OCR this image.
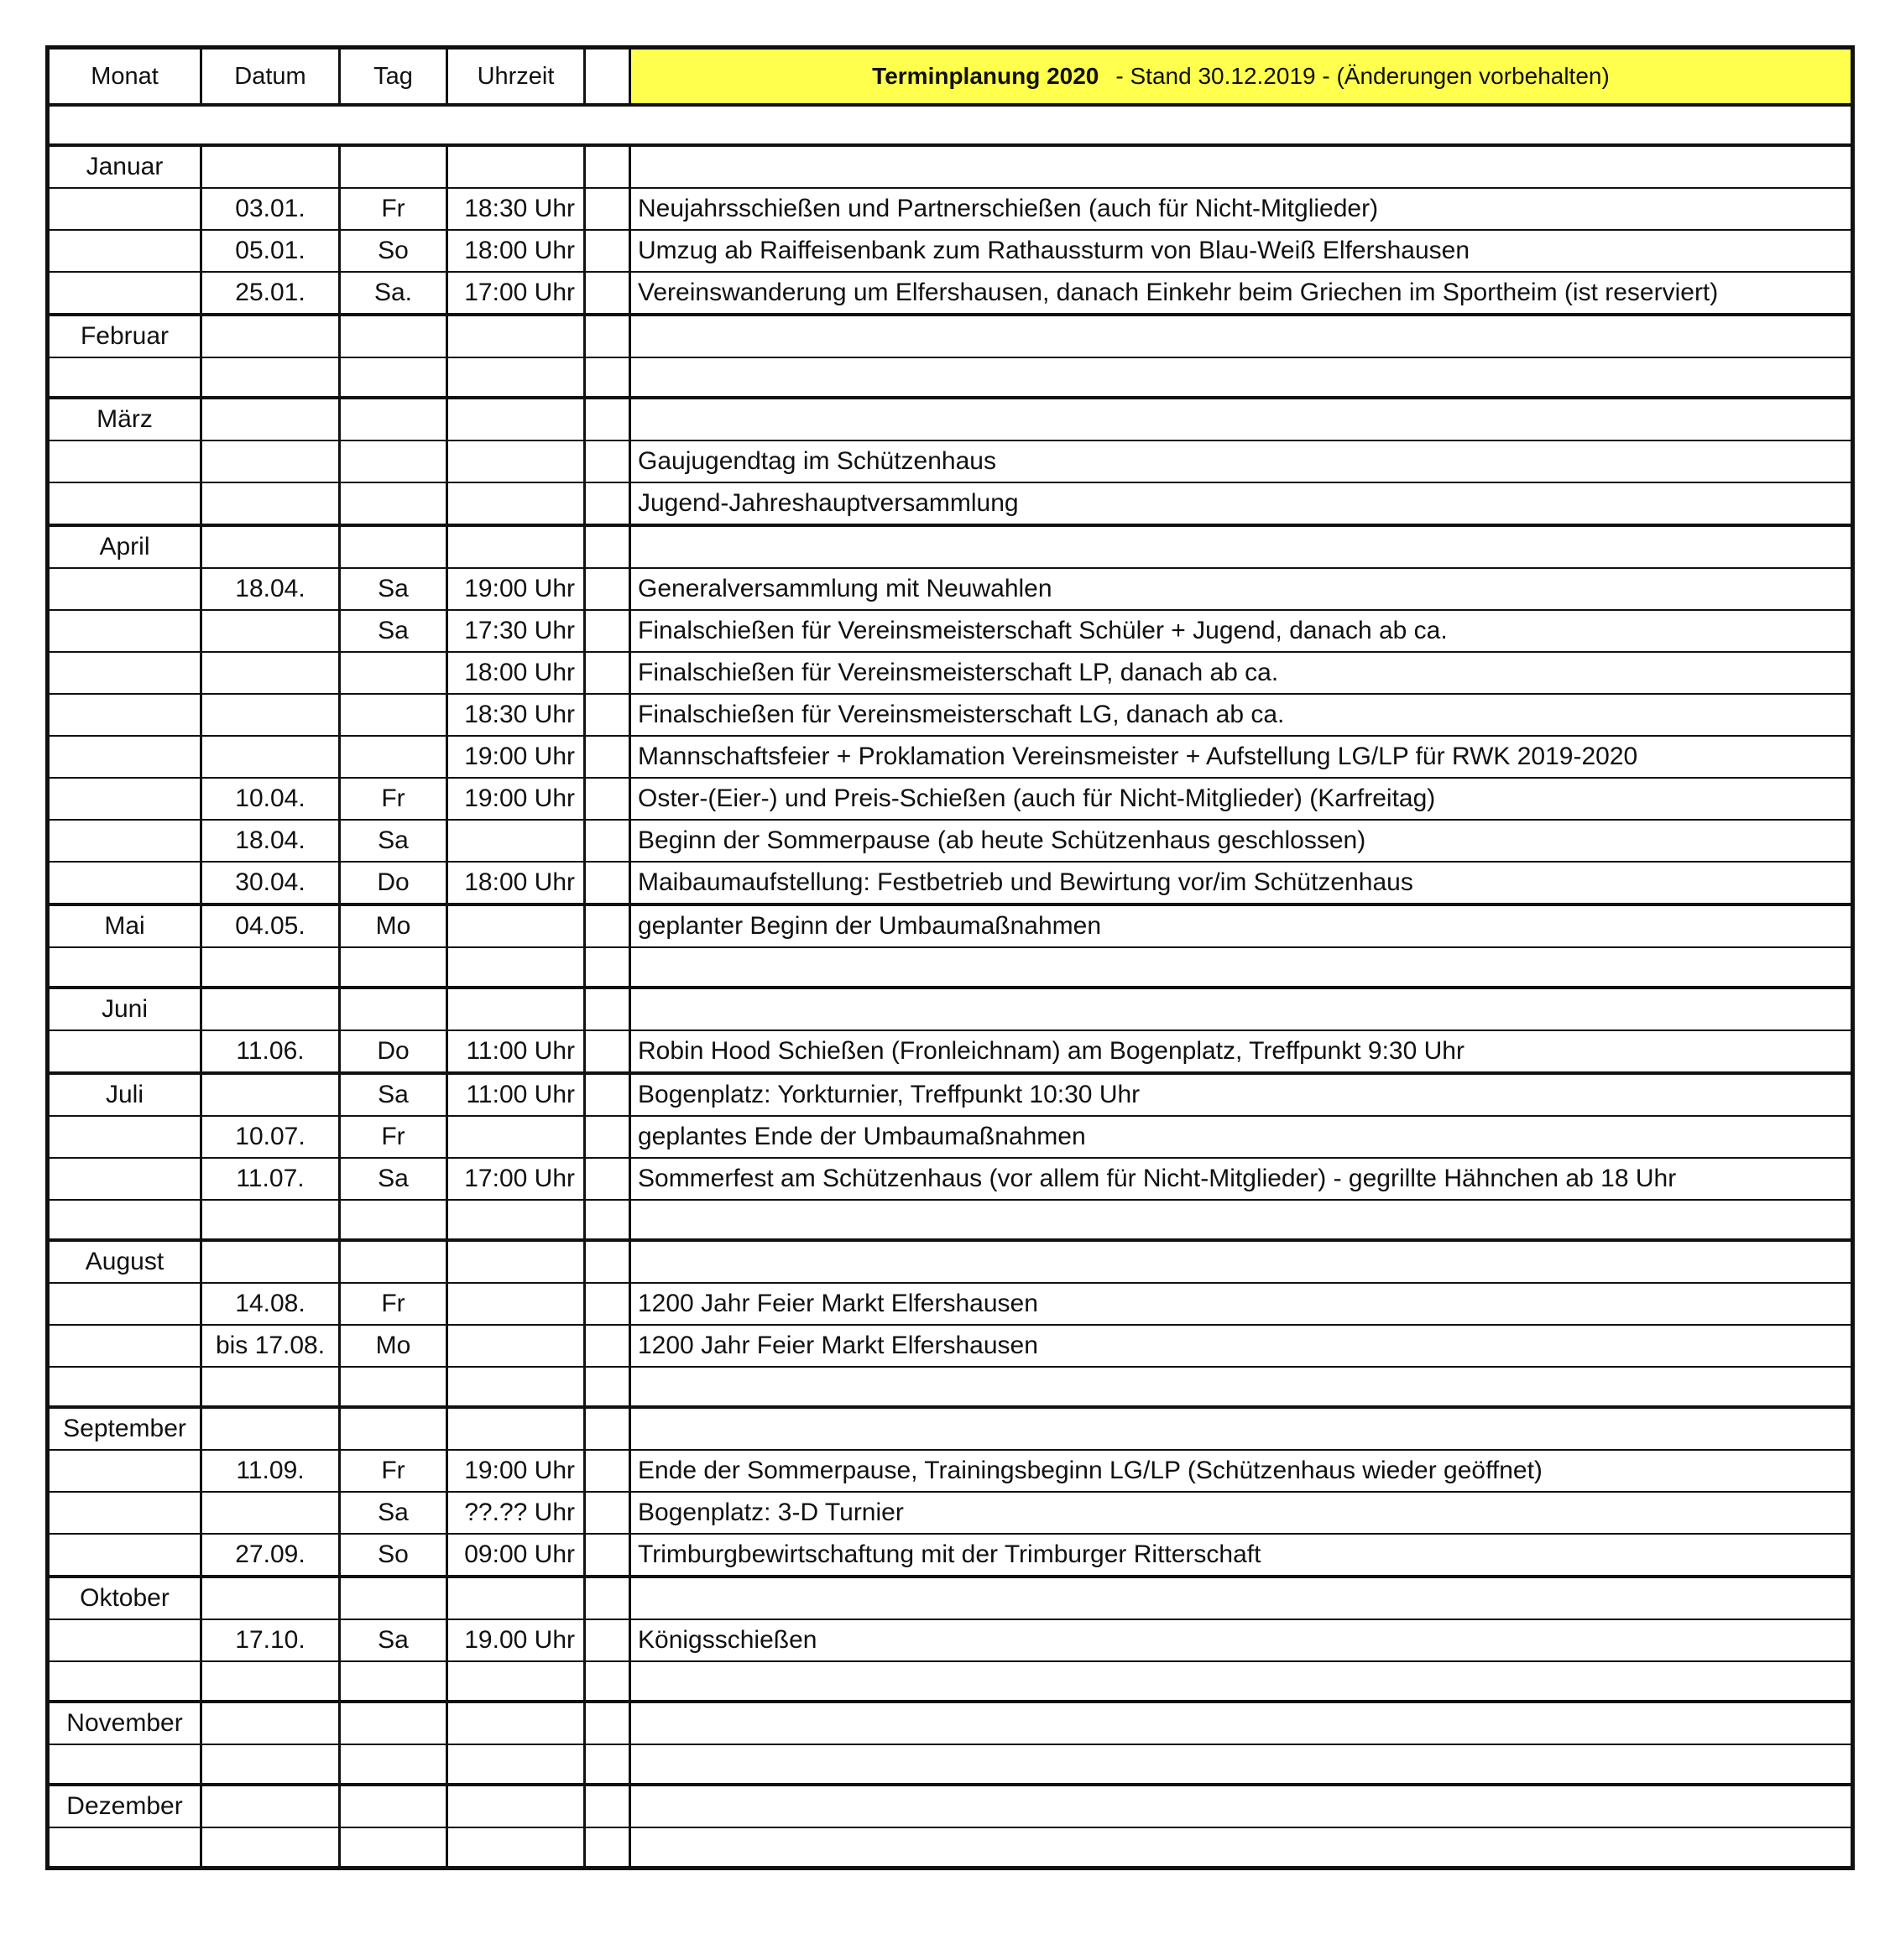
Monat	Datum	Tag	Uhrzeit		Terminplanung 2020 - Stand 30.12.2019 - (Änderungen vorbehalten)

Januar					
	03.01.	Fr	18:30 Uhr		Neujahrsschießen und Partnerschießen (auch für Nicht-Mitglieder)
	05.01.	So	18:00 Uhr		Umzug ab Raiffeisenbank zum Rathaussturm von Blau-Weiß Elfershausen
	25.01.	Sa.	17:00 Uhr		Vereinswanderung um Elfershausen, danach Einkehr beim Griechen im Sportheim (ist reserviert)
Februar					

März					
					Gaujugendtag im Schützenhaus
					Jugend-Jahreshauptversammlung
April					
	18.04.	Sa	19:00 Uhr		Generalversammlung mit Neuwahlen
		Sa	17:30 Uhr		Finalschießen für Vereinsmeisterschaft Schüler + Jugend, danach ab ca.
			18:00 Uhr		Finalschießen für Vereinsmeisterschaft LP, danach ab ca.
			18:30 Uhr		Finalschießen für Vereinsmeisterschaft LG, danach ab ca.
			19:00 Uhr		Mannschaftsfeier + Proklamation Vereinsmeister + Aufstellung LG/LP für RWK 2019-2020
	10.04.	Fr	19:00 Uhr		Oster-(Eier-) und Preis-Schießen (auch für Nicht-Mitglieder) (Karfreitag)
	18.04.	Sa			Beginn der Sommerpause (ab heute Schützenhaus geschlossen)
	30.04.	Do	18:00 Uhr		Maibaumaufstellung: Festbetrieb und Bewirtung vor/im Schützenhaus
Mai	04.05.	Mo			geplanter Beginn der Umbaumaßnahmen

Juni					
	11.06.	Do	11:00 Uhr		Robin Hood Schießen (Fronleichnam) am Bogenplatz, Treffpunkt 9:30 Uhr
Juli		Sa	11:00 Uhr		Bogenplatz: Yorkturnier, Treffpunkt 10:30 Uhr
	10.07.	Fr			geplantes Ende der Umbaumaßnahmen
	11.07.	Sa	17:00 Uhr		Sommerfest am Schützenhaus (vor allem für Nicht-Mitglieder) - gegrillte Hähnchen ab 18 Uhr

August					
	14.08.	Fr			1200 Jahr Feier Markt Elfershausen
	bis 17.08.	Mo			1200 Jahr Feier Markt Elfershausen

September					
	11.09.	Fr	19:00 Uhr		Ende der Sommerpause, Trainingsbeginn LG/LP (Schützenhaus wieder geöffnet)
		Sa	??.?? Uhr		Bogenplatz: 3-D Turnier
	27.09.	So	09:00 Uhr		Trimburgbewirtschaftung mit der Trimburger Ritterschaft
Oktober					
	17.10.	Sa	19.00 Uhr		Königsschießen

November					

Dezember					
